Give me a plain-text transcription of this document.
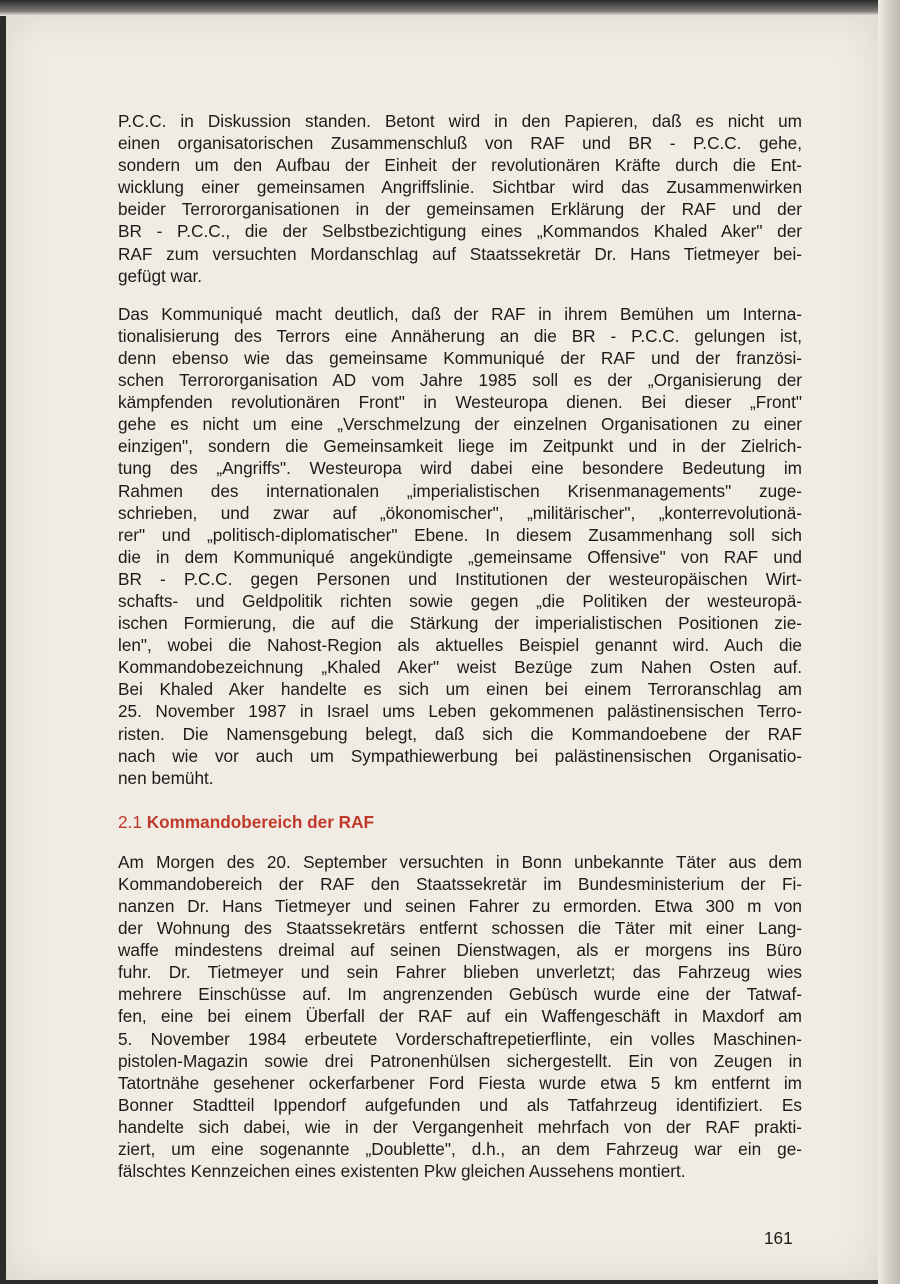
P.C.C. in Diskussion standen. Betont wird in den Papieren, daß es nicht um
einen organisatorischen Zusammenschluß von RAF und BR - P.C.C. gehe,
sondern um den Aufbau der Einheit der revolutionären Kräfte durch die Ent-
wicklung einer gemeinsamen Angriffslinie. Sichtbar wird das Zusammenwirken
beider Terrororganisationen in der gemeinsamen Erklärung der RAF und der
BR - P.C.C., die der Selbstbezichtigung eines „Kommandos Khaled Aker" der
RAF zum versuchten Mordanschlag auf Staatssekretär Dr. Hans Tietmeyer bei-
gefügt war.
Das Kommuniqué macht deutlich, daß der RAF in ihrem Bemühen um Interna-
tionalisierung des Terrors eine Annäherung an die BR - P.C.C. gelungen ist,
denn ebenso wie das gemeinsame Kommuniqué der RAF und der französi-
schen Terrororganisation AD vom Jahre 1985 soll es der „Organisierung der
kämpfenden revolutionären Front" in Westeuropa dienen. Bei dieser „Front"
gehe es nicht um eine „Verschmelzung der einzelnen Organisationen zu einer
einzigen", sondern die Gemeinsamkeit liege im Zeitpunkt und in der Zielrich-
tung des „Angriffs". Westeuropa wird dabei eine besondere Bedeutung im
Rahmen des internationalen „imperialistischen Krisenmanagements" zuge-
schrieben, und zwar auf „ökonomischer", „militärischer", „konterrevolutionä-
rer" und „politisch-diplomatischer" Ebene. In diesem Zusammenhang soll sich
die in dem Kommuniqué angekündigte „gemeinsame Offensive" von RAF und
BR - P.C.C. gegen Personen und Institutionen der westeuropäischen Wirt-
schafts- und Geldpolitik richten sowie gegen „die Politiken der westeuropä-
ischen Formierung, die auf die Stärkung der imperialistischen Positionen zie-
len", wobei die Nahost-Region als aktuelles Beispiel genannt wird. Auch die
Kommandobezeichnung „Khaled Aker" weist Bezüge zum Nahen Osten auf.
Bei Khaled Aker handelte es sich um einen bei einem Terroranschlag am
25. November 1987 in Israel ums Leben gekommenen palästinensischen Terro-
risten. Die Namensgebung belegt, daß sich die Kommandoebene der RAF
nach wie vor auch um Sympathiewerbung bei palästinensischen Organisatio-
nen bemüht.
2.1 Kommandobereich der RAF
Am Morgen des 20. September versuchten in Bonn unbekannte Täter aus dem
Kommandobereich der RAF den Staatssekretär im Bundesministerium der Fi-
nanzen Dr. Hans Tietmeyer und seinen Fahrer zu ermorden. Etwa 300 m von
der Wohnung des Staatssekretärs entfernt schossen die Täter mit einer Lang-
waffe mindestens dreimal auf seinen Dienstwagen, als er morgens ins Büro
fuhr. Dr. Tietmeyer und sein Fahrer blieben unverletzt; das Fahrzeug wies
mehrere Einschüsse auf. Im angrenzenden Gebüsch wurde eine der Tatwaf-
fen, eine bei einem Überfall der RAF auf ein Waffengeschäft in Maxdorf am
5. November 1984 erbeutete Vorderschaftrepetierflinte, ein volles Maschinen-
pistolen-Magazin sowie drei Patronenhülsen sichergestellt. Ein von Zeugen in
Tatortnähe gesehener ockerfarbener Ford Fiesta wurde etwa 5 km entfernt im
Bonner Stadtteil Ippendorf aufgefunden und als Tatfahrzeug identifiziert. Es
handelte sich dabei, wie in der Vergangenheit mehrfach von der RAF prakti-
ziert, um eine sogenannte „Doublette", d.h., an dem Fahrzeug war ein ge-
fälschtes Kennzeichen eines existenten Pkw gleichen Aussehens montiert.
161
